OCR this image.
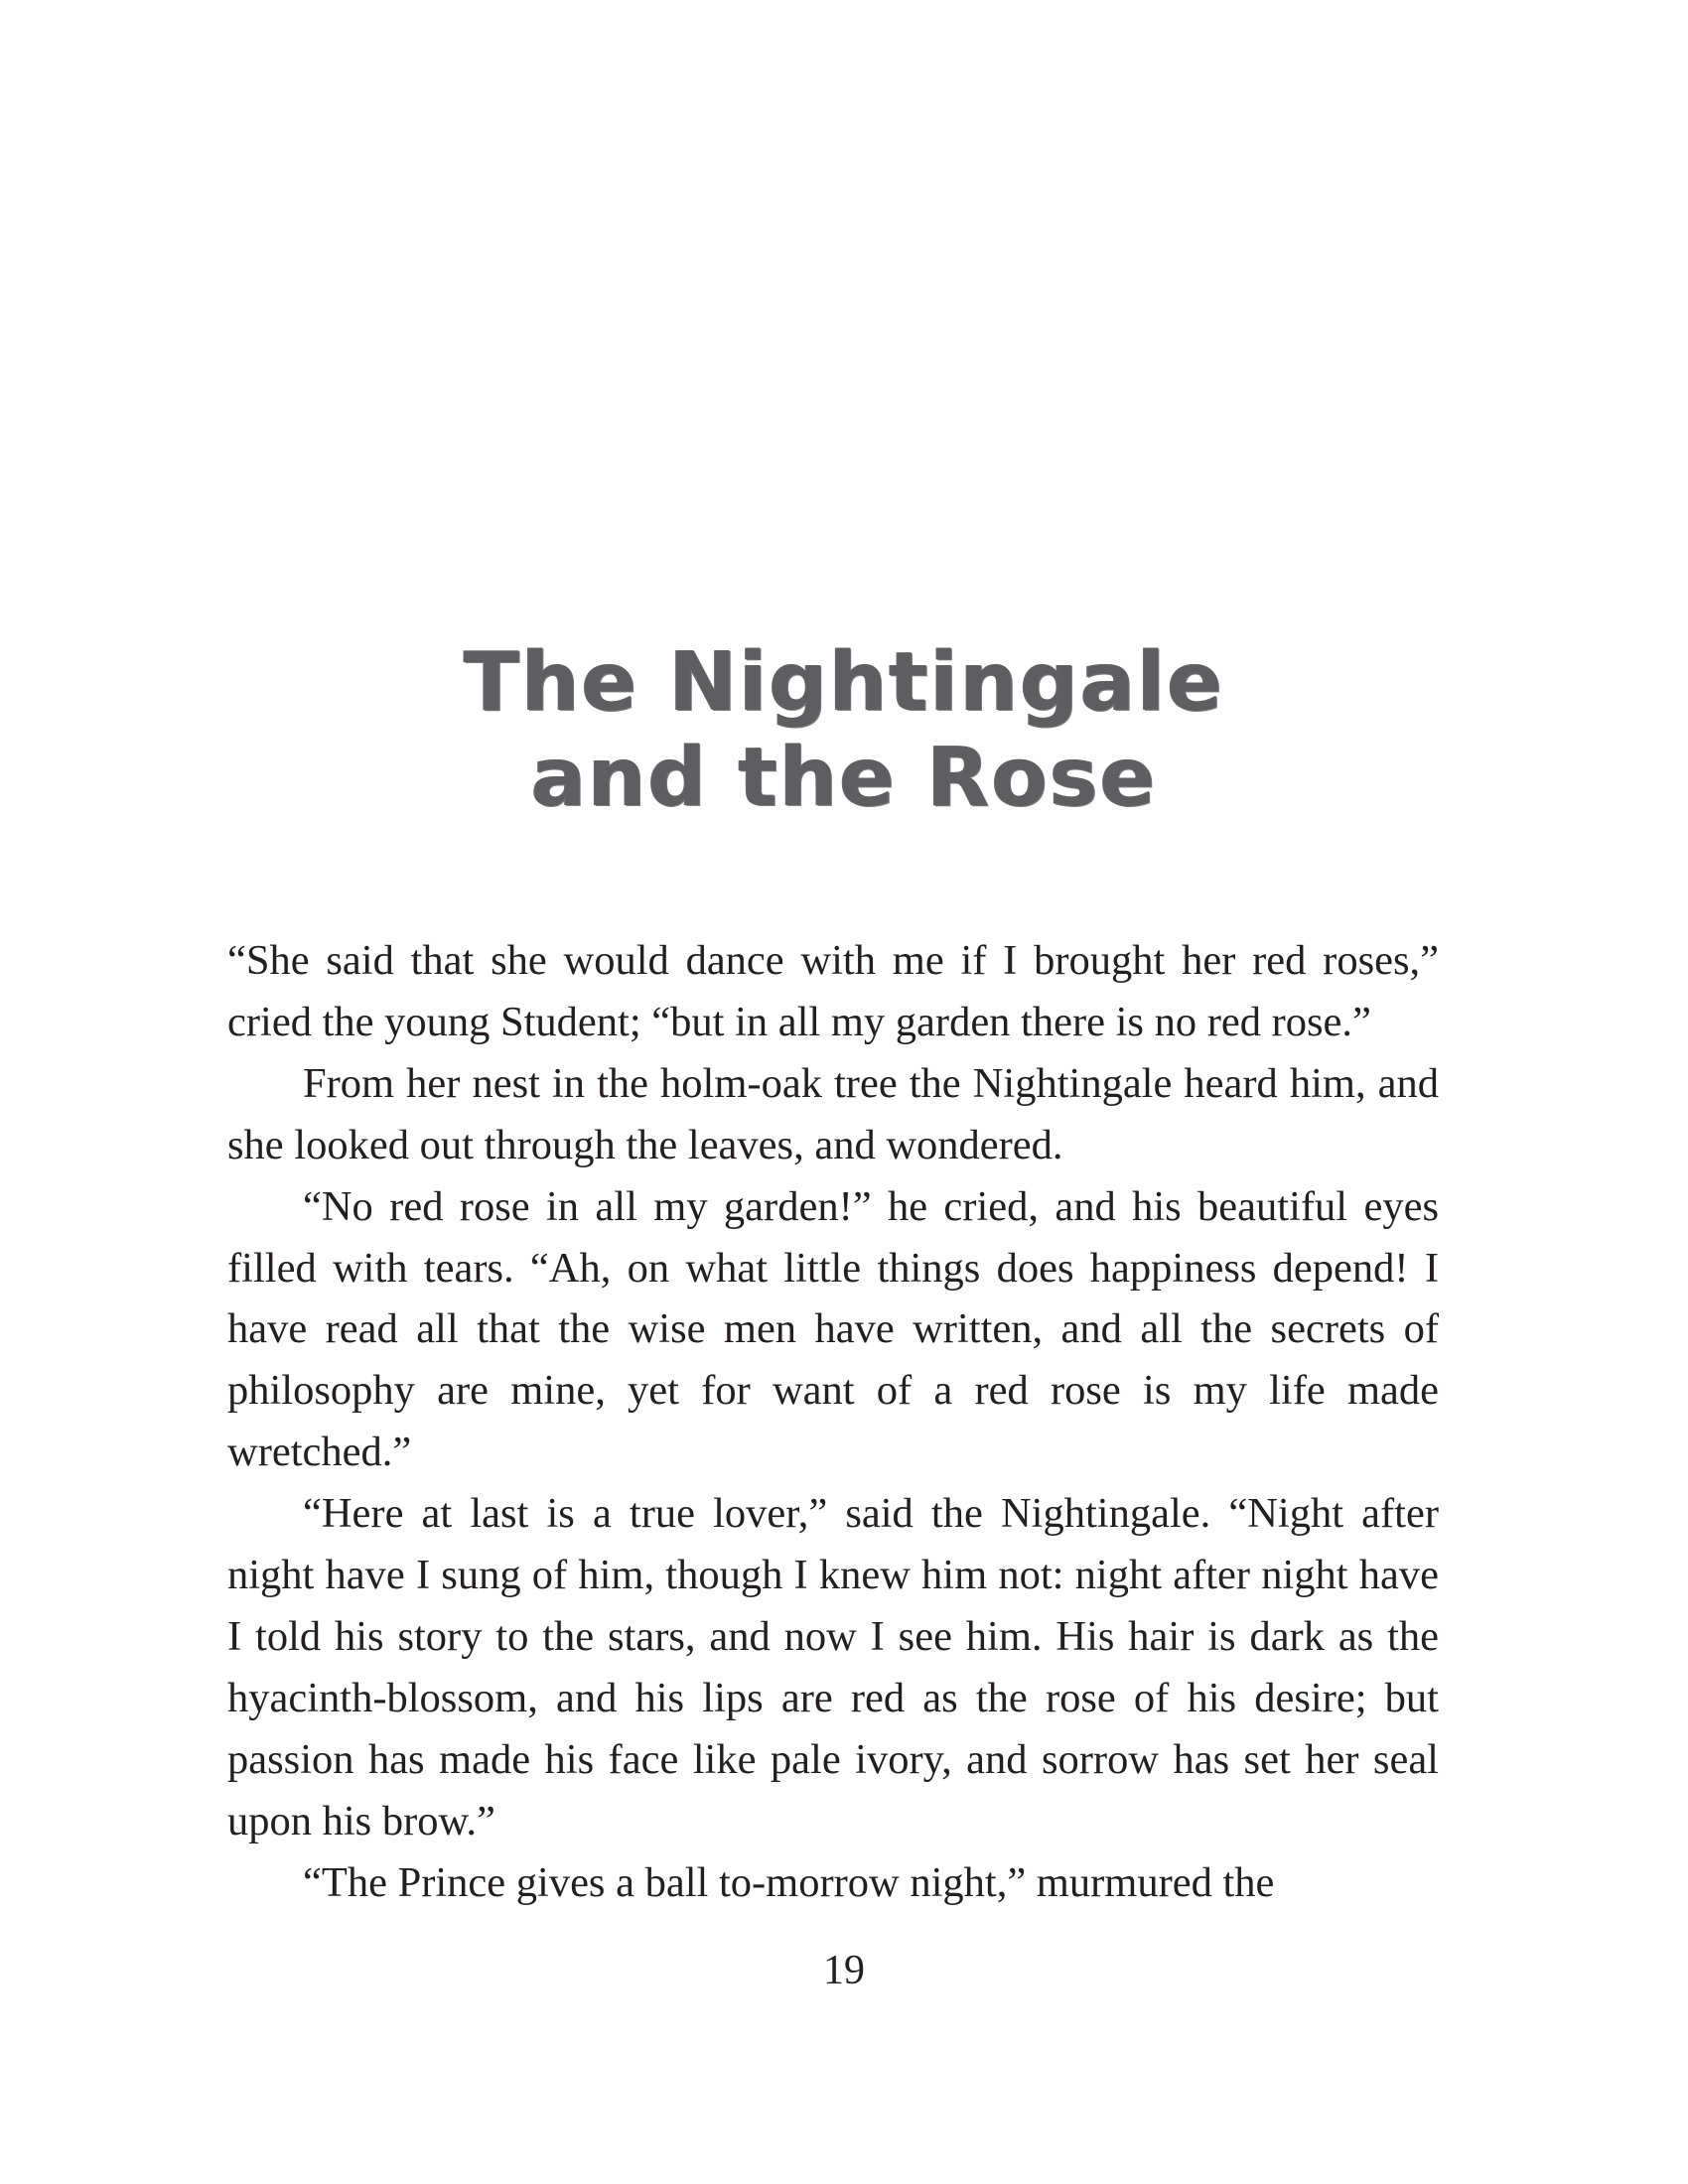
The Nightingale
and the Rose

“She said that she would dance with me if I brought her red roses,” cried the young Student; “but in all my garden there is no red rose.”

From her nest in the holm-oak tree the Nightingale heard him, and she looked out through the leaves, and wondered.

“No red rose in all my garden!” he cried, and his beautiful eyes filled with tears. “Ah, on what little things does happiness depend! I have read all that the wise men have written, and all the secrets of philosophy are mine, yet for want of a red rose is my life made wretched.”

“Here at last is a true lover,” said the Nightingale. “Night after night have I sung of him, though I knew him not: night after night have I told his story to the stars, and now I see him. His hair is dark as the hyacinth-blossom, and his lips are red as the rose of his desire; but passion has made his face like pale ivory, and sorrow has set her seal upon his brow.”

“The Prince gives a ball to-morrow night,” murmured the

19
